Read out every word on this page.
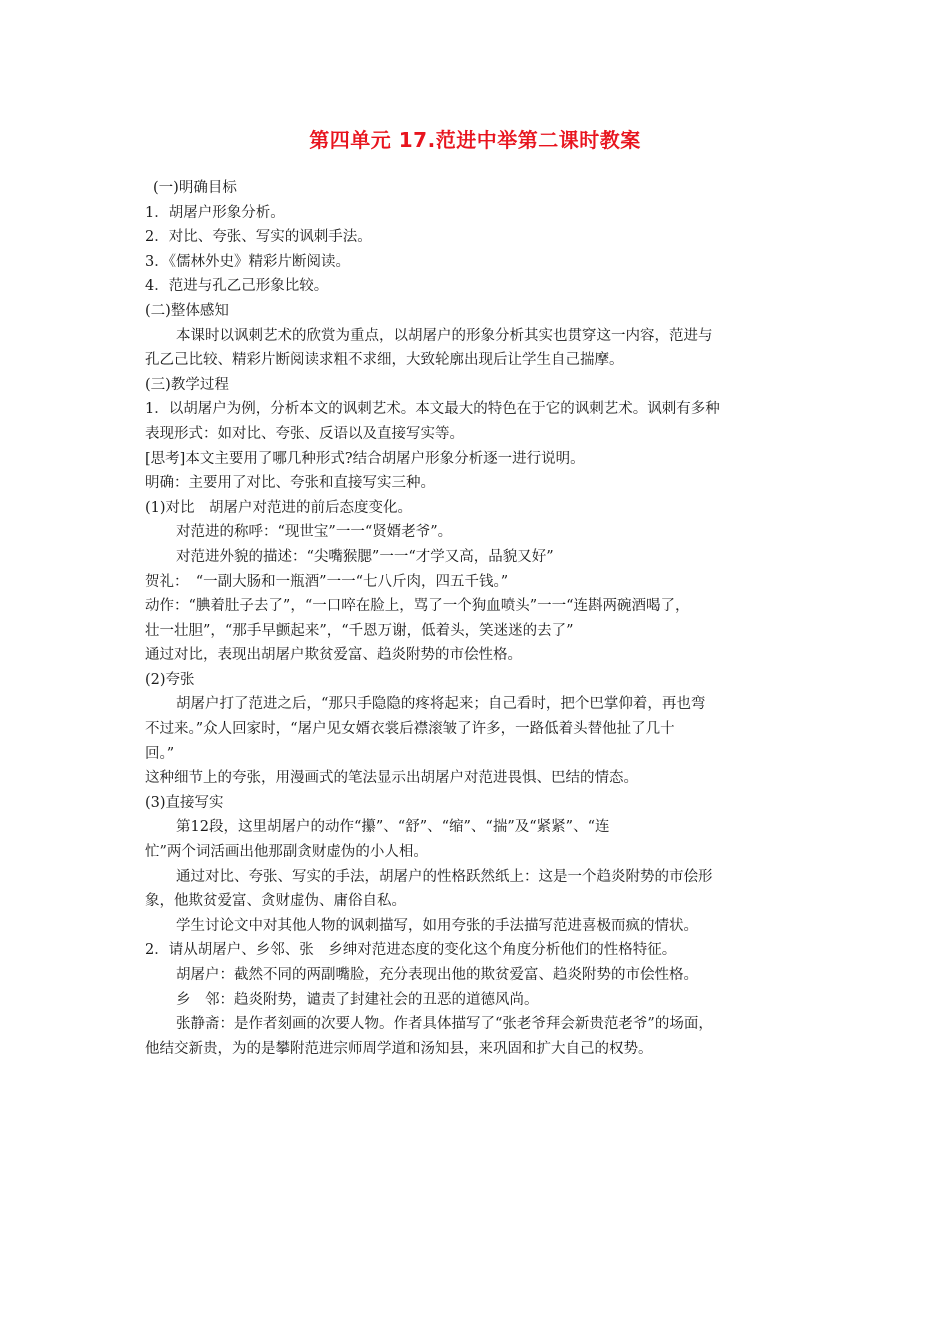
第四单元 17.范进中举第二课时教案

(一)明确目标

1．胡屠户形象分析。

2．对比、夸张、写实的讽刺手法。

3．《儒林外史》精彩片断阅读。

4．范进与孔乙己形象比较。

(二)整体感知

本课时以讽刺艺术的欣赏为重点，以胡屠户的形象分析其实也贯穿这一内容，范进与

孔乙己比较、精彩片断阅读求粗不求细，大致轮廓出现后让学生自己揣摩。

(三)教学过程

1．以胡屠户为例，分析本文的讽刺艺术。本文最大的特色在于它的讽刺艺术。讽刺有多种

表现形式：如对比、夸张、反语以及直接写实等。

[思考]本文主要用了哪几种形式?结合胡屠户形象分析逐一进行说明。

明确：主要用了对比、夸张和直接写实三种。

(1)对比　胡屠户对范进的前后态度变化。

对范进的称呼：“现世宝”一一“贤婿老爷”。

对范进外貌的描述：“尖嘴猴腮”一一“才学又高，品貌又好”

贺礼：　“一副大肠和一瓶酒”一一“七八斤肉，四五千钱。”

动作：“腆着肚子去了”，“一口啐在脸上，骂了一个狗血喷头”一一“连斟两碗酒喝了，

壮一壮胆”，“那手早颤起来”，“千恩万谢，低着头，笑迷迷的去了”

通过对比，表现出胡屠户欺贫爱富、趋炎附势的市侩性格。

(2)夸张

胡屠户打了范进之后，“那只手隐隐的疼将起来；自己看时，把个巴掌仰着，再也弯

不过来。”众人回家时，“屠户见女婿衣裳后襟滚皱了许多，一路低着头替他扯了几十

回。”

这种细节上的夸张，用漫画式的笔法显示出胡屠户对范进畏惧、巴结的情态。

(3)直接写实

第12段，这里胡屠户的动作“攥”、“舒”、“缩”、“揣”及“紧紧”、“连

忙”两个词活画出他那副贪财虚伪的小人相。

通过对比、夸张、写实的手法，胡屠户的性格跃然纸上：这是一个趋炎附势的市侩形

象，他欺贫爱富、贪财虚伪、庸俗自私。

学生讨论文中对其他人物的讽刺描写，如用夸张的手法描写范进喜极而疯的情状。

2．请从胡屠户、乡邻、张　乡绅对范进态度的变化这个角度分析他们的性格特征。

胡屠户：截然不同的两副嘴脸，充分表现出他的欺贫爱富、趋炎附势的市侩性格。

乡　邻：趋炎附势，谴责了封建社会的丑恶的道德风尚。

张静斋：是作者刻画的次要人物。作者具体描写了“张老爷拜会新贵范老爷”的场面，

他结交新贵，为的是攀附范进宗师周学道和汤知县，来巩固和扩大自己的权势。
